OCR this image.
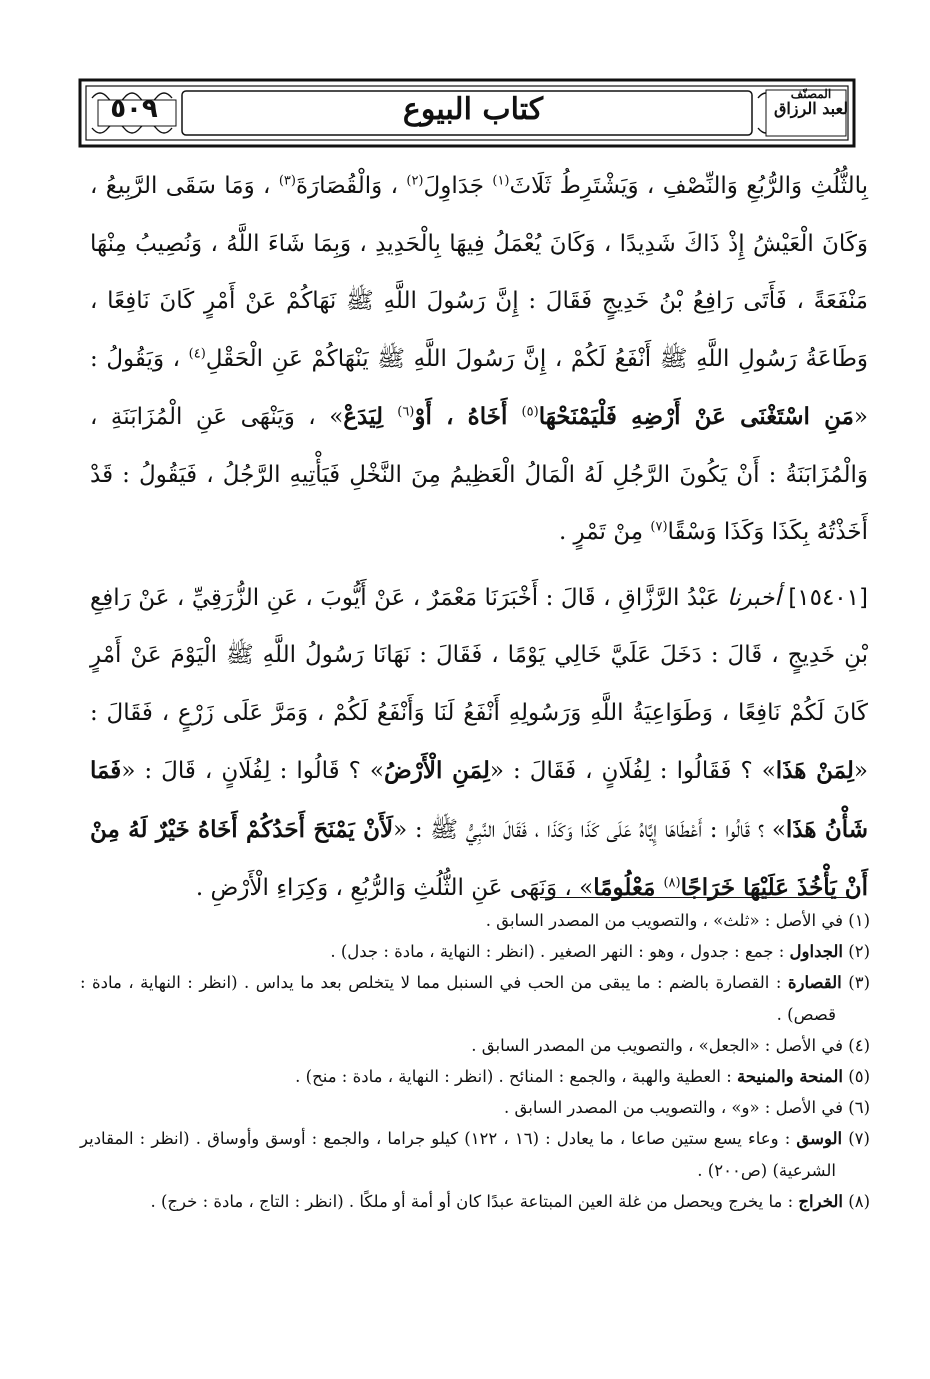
٥٠٩	كتاب البيوع	المصنّف
لعبد الرزاق

بِالثُّلُثِ وَالرُّبُعِ وَالنِّصْفِ ، وَيَشْتَرِطُ ثَلَاثَ$^{(١)}$ جَدَاوِلَ$^{(٢)}$ ، وَالْقُصَارَةَ$^{(٣)}$ ، وَمَا سَقَى الرَّبِيعُ ، وَكَانَ الْعَيْشُ إِذْ ذَاكَ شَدِيدًا ، وَكَانَ يُعْمَلُ فِيهَا بِالْحَدِيدِ ، وَبِمَا شَاءَ اللَّهُ ، وَنُصِيبُ مِنْهَا مَنْفَعَةً ، فَأَتَى رَافِعُ بْنُ خَدِيجٍ فَقَالَ : إِنَّ رَسُولَ اللَّهِ ﷺ نَهَاكُمْ عَنْ أَمْرٍ كَانَ نَافِعًا ، وَطَاعَةُ رَسُولِ اللَّهِ ﷺ أَنْفَعُ لَكُمْ ، إِنَّ رَسُولَ اللَّهِ ﷺ يَنْهَاكُمْ عَنِ الْحَقْلِ$^{(٤)}$ ، وَيَقُولُ : «مَنِ اسْتَغْنَى عَنْ أَرْضِهِ فَلْيَمْنَحْهَا$^{(٥)}$ أَخَاهُ ، أَوْ$^{(٦)}$ لِيَدَعْ» ، وَيَنْهَى عَنِ الْمُزَابَنَةِ ، وَالْمُزَابَنَةُ : أَنْ يَكُونَ الرَّجُلِ لَهُ الْمَالُ الْعَظِيمُ مِنَ النَّخْلِ فَيَأْتِيهِ الرَّجُلُ ، فَيَقُولُ : قَدْ أَخَذْتُهُ بِكَذَا وَكَذَا وَسْقًا$^{(٧)}$ مِنْ تَمْرٍ .

[١٥٤٠١] أخبرنا عَبْدُ الرَّزَّاقِ ، قَالَ : أَخْبَرَنَا مَعْمَرٌ ، عَنْ أَيُّوبَ ، عَنِ الزُّرَقِيِّ ، عَنْ رَافِعِ بْنِ خَدِيجٍ ، قَالَ : دَخَلَ عَلَيَّ خَالِي يَوْمًا ، فَقَالَ : نَهَانَا رَسُولُ اللَّهِ ﷺ الْيَوْمَ عَنْ أَمْرٍ كَانَ لَكُمْ نَافِعًا ، وَطَوَاعِيَةُ اللَّهِ وَرَسُولِهِ أَنْفَعُ لَنَا وَأَنْفَعُ لَكُمْ ، وَمَرَّ عَلَى زَرْعٍ ، فَقَالَ : «لِمَنْ هَذَا» ؟ فَقَالُوا : لِفُلَانٍ ، فَقَالَ : «لِمَنِ الْأَرْضُ» ؟ قَالُوا : لِفُلَانٍ ، قَالَ : «فَمَا شَأْنُ هَذَا» ؟ قَالُوا : أَعْطَاهَا إِيَّاهُ عَلَى كَذَا وَكَذَا ، فَقَالَ النَّبِيُّ ﷺ : «لَأَنْ يَمْنَحَ أَحَدُكُمْ أَخَاهُ خَيْرٌ لَهُ مِنْ أَنْ يَأْخُذَ عَلَيْهَا خَرَاجًا$^{(٨)}$ مَعْلُومًا» ، وَنَهَى عَنِ الثُّلُثِ وَالرُّبُعِ ، وَكِرَاءِ الْأَرْضِ .

(١) في الأصل : «ثلث» ، والتصويب من المصدر السابق .

(٢) الجداول : جمع : جدول ، وهو : النهر الصغير . (انظر : النهاية ، مادة : جدل) .

(٣) القصارة : القصارة بالضم : ما يبقى من الحب في السنبل مما لا يتخلص بعد ما يداس . (انظر : النهاية ، مادة : قصص) .

(٤) في الأصل : «الجعل» ، والتصويب من المصدر السابق .

(٥) المنحة والمنيحة : العطية والهبة ، والجمع : المنائح . (انظر : النهاية ، مادة : منح) .

(٦) في الأصل : «و» ، والتصويب من المصدر السابق .

(٧) الوسق : وعاء يسع ستين صاعا ، ما يعادل : (١٦ ، ١٢٢) كيلو جراما ، والجمع : أوسق وأوساق . (انظر : المقادير الشرعية) (ص٢٠٠) .

(٨) الخراج : ما يخرج ويحصل من غلة العين المبتاعة عبدًا كان أو أمة أو ملكًا . (انظر : التاج ، مادة : خرج) .
